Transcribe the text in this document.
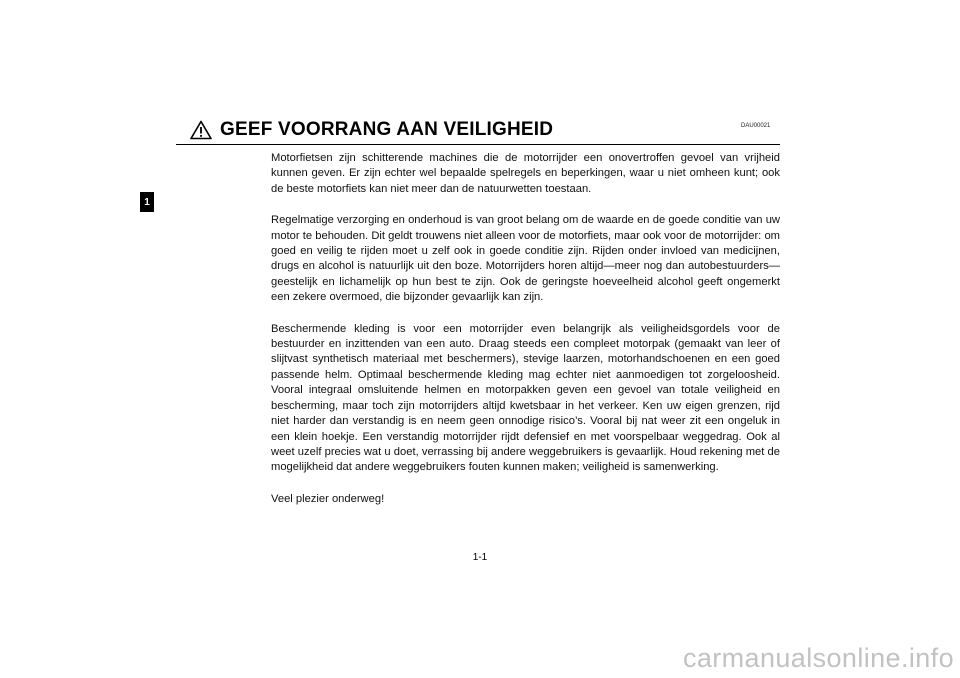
GEEF VOORRANG AAN VEILIGHEID	DAU00021
1

Motorfietsen zijn schitterende machines die de motorrijder een onovertroffen gevoel van vrijheid kunnen geven. Er zijn echter wel bepaalde spelregels en beperkingen, waar u niet omheen kunt; ook de beste motorfiets kan niet meer dan de natuurwetten toestaan.

Regelmatige verzorging en onderhoud is van groot belang om de waarde en de goede conditie van uw motor te behouden. Dit geldt trouwens niet alleen voor de motorfiets, maar ook voor de motorrijder: om goed en veilig te rijden moet u zelf ook in goede conditie zijn. Rijden onder invloed van medicijnen, drugs en alcohol is natuurlijk uit den boze. Motorrijders horen altijd—meer nog dan autobestuurders—geestelijk en lichamelijk op hun best te zijn. Ook de geringste hoeveelheid alcohol geeft ongemerkt een zekere overmoed, die bijzonder gevaarlijk kan zijn.

Beschermende kleding is voor een motorrijder even belangrijk als veiligheidsgordels voor de bestuurder en inzittenden van een auto. Draag steeds een compleet motorpak (gemaakt van leer of slijtvast synthetisch materiaal met beschermers), stevige laarzen, motorhandschoenen en een goed passende helm. Optimaal beschermende kleding mag echter niet aanmoedigen tot zorgeloosheid. Vooral integraal omsluitende helmen en motorpakken geven een gevoel van totale veiligheid en bescherming, maar toch zijn motorrijders altijd kwetsbaar in het verkeer. Ken uw eigen grenzen, rijd niet harder dan verstandig is en neem geen onnodige risico’s. Vooral bij nat weer zit een ongeluk in een klein hoekje. Een verstandig motorrijder rijdt defensief en met voorspelbaar weggedrag. Ook al weet uzelf precies wat u doet, verrassing bij andere weggebruikers is gevaarlijk. Houd rekening met de mogelijkheid dat andere weggebruikers fouten kunnen maken; veiligheid is samenwerking.

Veel plezier onderweg!

1-1
carmanualsonline.info
